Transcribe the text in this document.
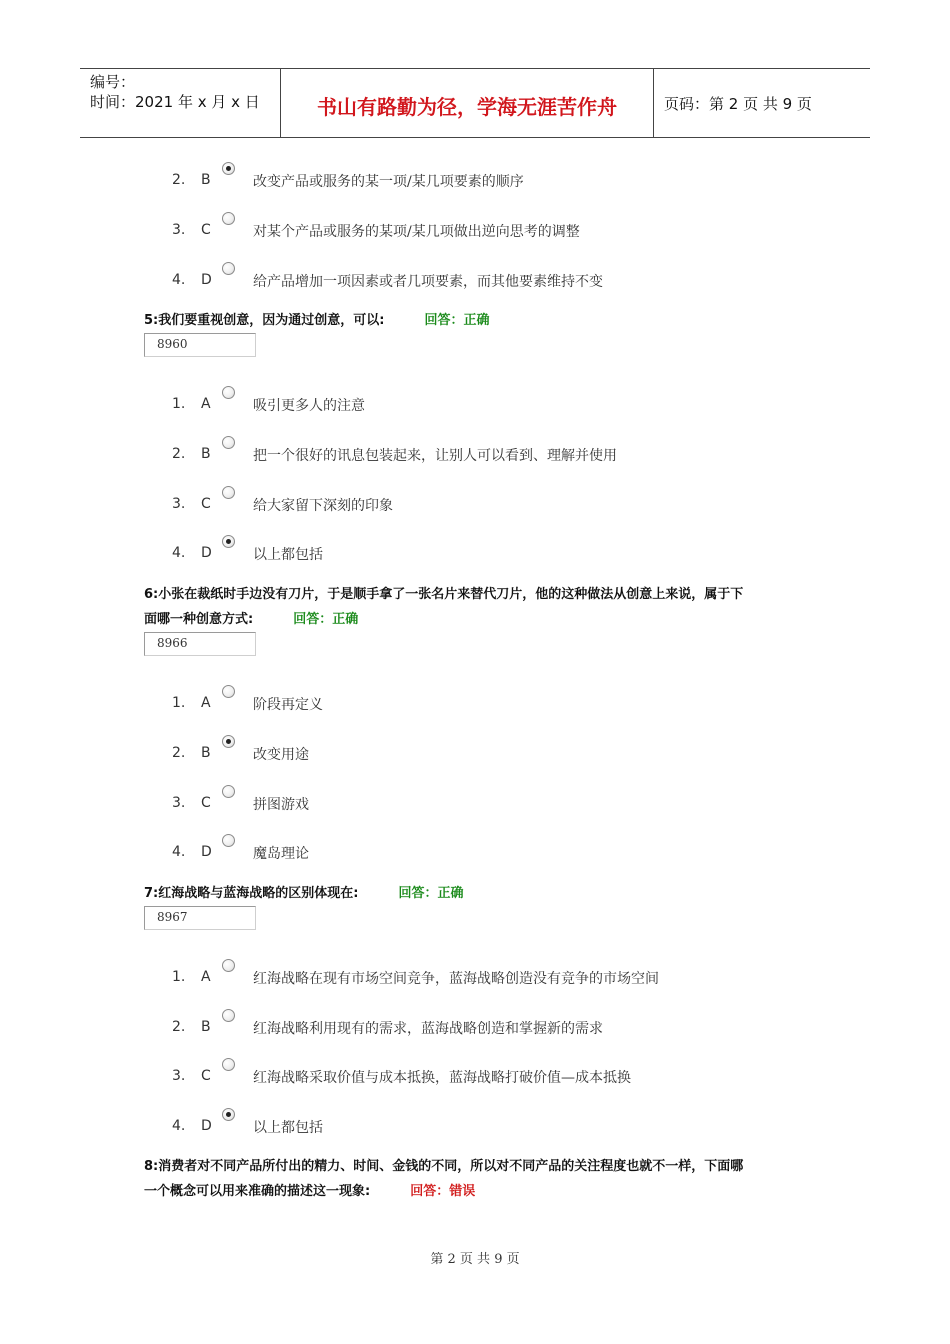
编号：
时间：2021 年 x 月 x 日	书山有路勤为径，学海无涯苦作舟	页码：第 2 页 共 9 页
2. B	改变产品或服务的某一项/某几项要素的顺序
3. C	对某个产品或服务的某项/某几项做出逆向思考的调整
4. D	给产品增加一项因素或者几项要素，而其他要素维持不变
5:我们要重视创意，因为通过创意，可以:	回答：正确
8960
1. A	吸引更多人的注意
2. B	把一个很好的讯息包装起来，让别人可以看到、理解并使用
3. C	给大家留下深刻的印象
4. D	以上都包括
6:小张在裁纸时手边没有刀片，于是顺手拿了一张名片来替代刀片，他的这种做法从创意上来说，属于下
面哪一种创意方式:	回答：正确
8966
1. A	阶段再定义
2. B	改变用途
3. C	拼图游戏
4. D	魔岛理论
7:红海战略与蓝海战略的区别体现在:	回答：正确
8967
1. A	红海战略在现有市场空间竞争，蓝海战略创造没有竞争的市场空间
2. B	红海战略利用现有的需求，蓝海战略创造和掌握新的需求
3. C	红海战略采取价值与成本抵换，蓝海战略打破价值—成本抵换
4. D	以上都包括
8:消费者对不同产品所付出的精力、时间、金钱的不同，所以对不同产品的关注程度也就不一样，下面哪
一个概念可以用来准确的描述这一现象:	回答：错误
第 2 页 共 9 页
